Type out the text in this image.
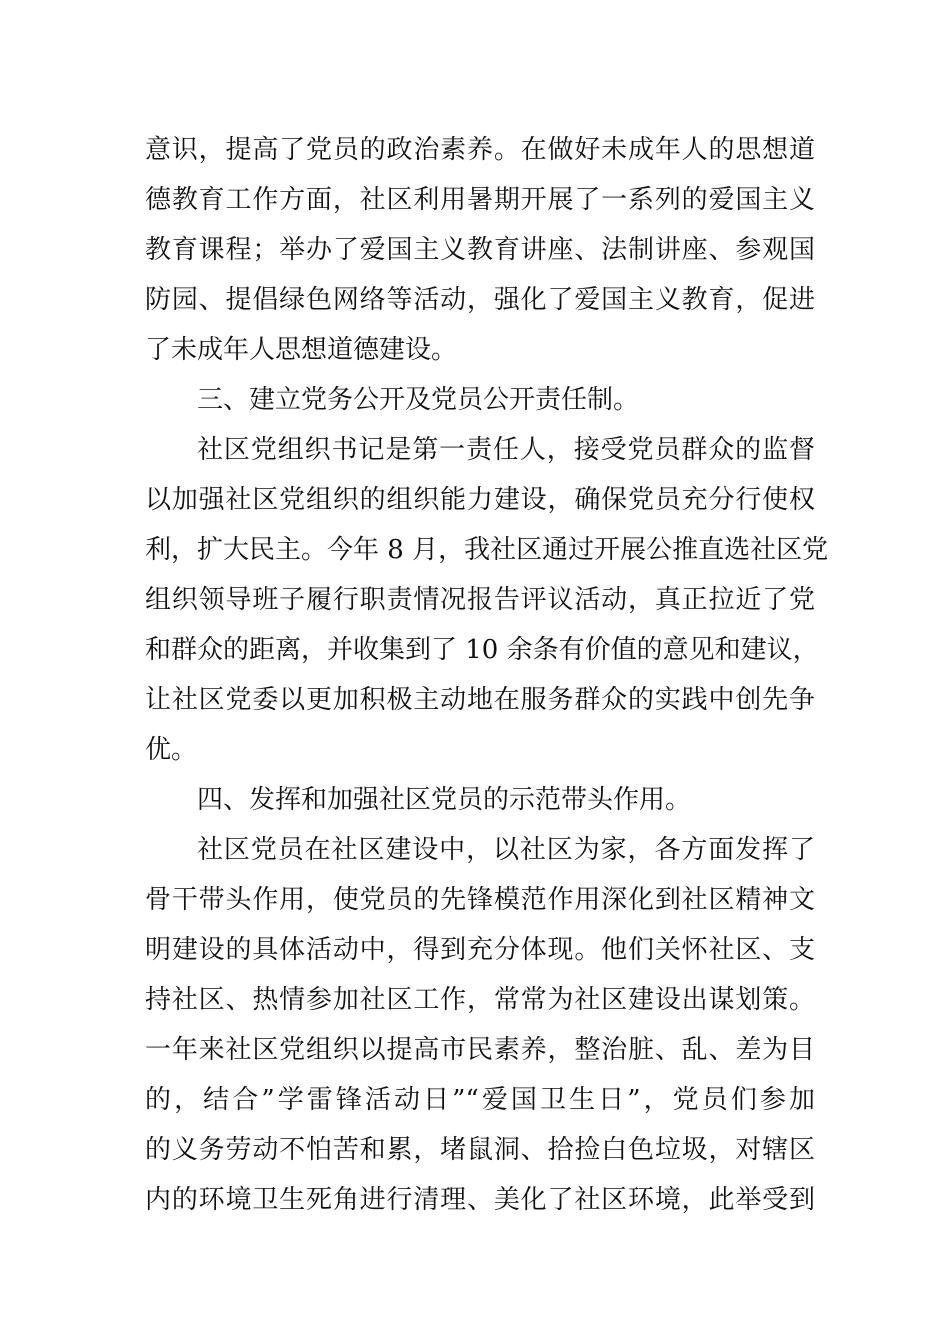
意识，提高了党员的政治素养。在做好未成年人的思想道
德教育工作方面，社区利用暑期开展了一系列的爱国主义
教育课程；举办了爱国主义教育讲座、法制讲座、参观国
防园、提倡绿色网络等活动，强化了爱国主义教育，促进
了未成年人思想道德建设。
三、建立党务公开及党员公开责任制。
社区党组织书记是第一责任人，接受党员群众的监督
以加强社区党组织的组织能力建设，确保党员充分行使权
利，扩大民主。今年 8 月，我社区通过开展公推直选社区党
组织领导班子履行职责情况报告评议活动，真正拉近了党
和群众的距离，并收集到了 10 余条有价值的意见和建议，
让社区党委以更加积极主动地在服务群众的实践中创先争
优。
四、发挥和加强社区党员的示范带头作用。
社区党员在社区建设中，以社区为家，各方面发挥了
骨干带头作用，使党员的先锋模范作用深化到社区精神文
明建设的具体活动中，得到充分体现。他们关怀社区、支
持社区、热情参加社区工作，常常为社区建设出谋划策。
一年来社区党组织以提高市民素养，整治脏、乱、差为目
的，结合”学雷锋活动日”“爱国卫生日”，党员们参加
的义务劳动不怕苦和累，堵鼠洞、拾捡白色垃圾，对辖区
内的环境卫生死角进行清理、美化了社区环境，此举受到
